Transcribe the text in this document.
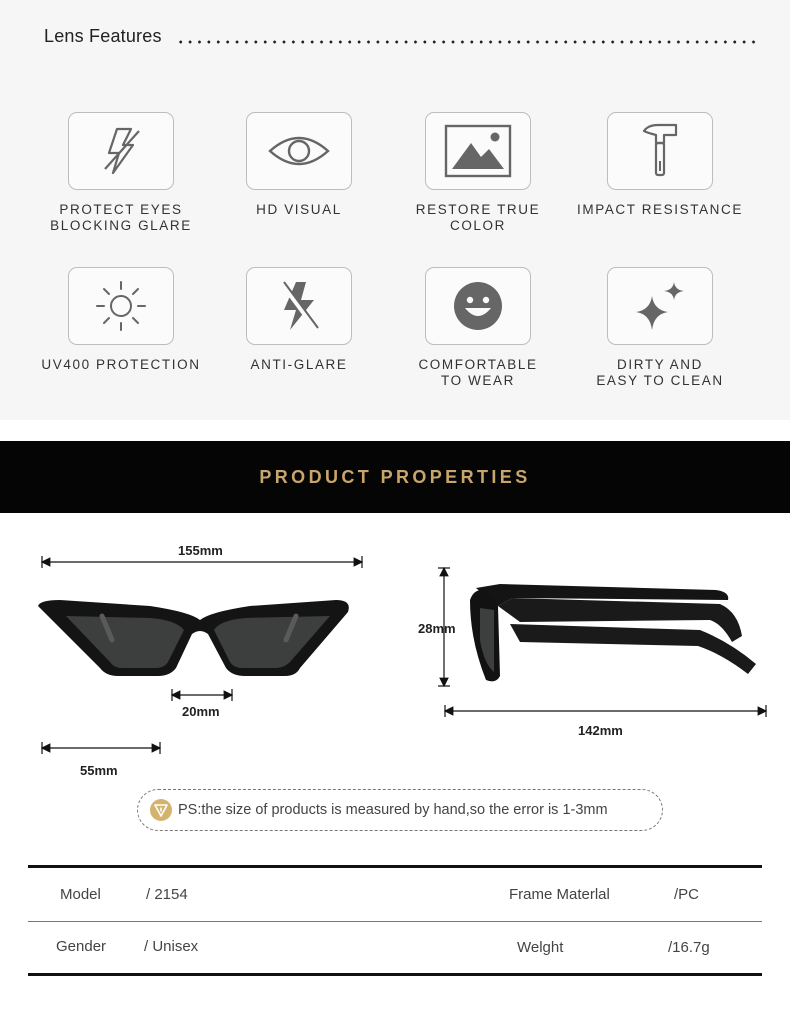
Lens Features
PROTECT EYES
BLOCKING GLARE
HD VISUAL	RESTORE TRUE COLOR
IMPACT RESISTANCE
UV400 PROTECTION	ANTI-GLARE	COMFORTABLE
TO WEAR
DIRTY AND
EASY TO CLEAN
PRODUCT PROPERTIES
155mm
20mm
55mm
28mm
142mm
PS:the size of products is measured by hand,so the error is 1-3mm
Model	/ 2154	Frame Materlal	/PC
Gender	/ Unisex	Welght	/16.7g
